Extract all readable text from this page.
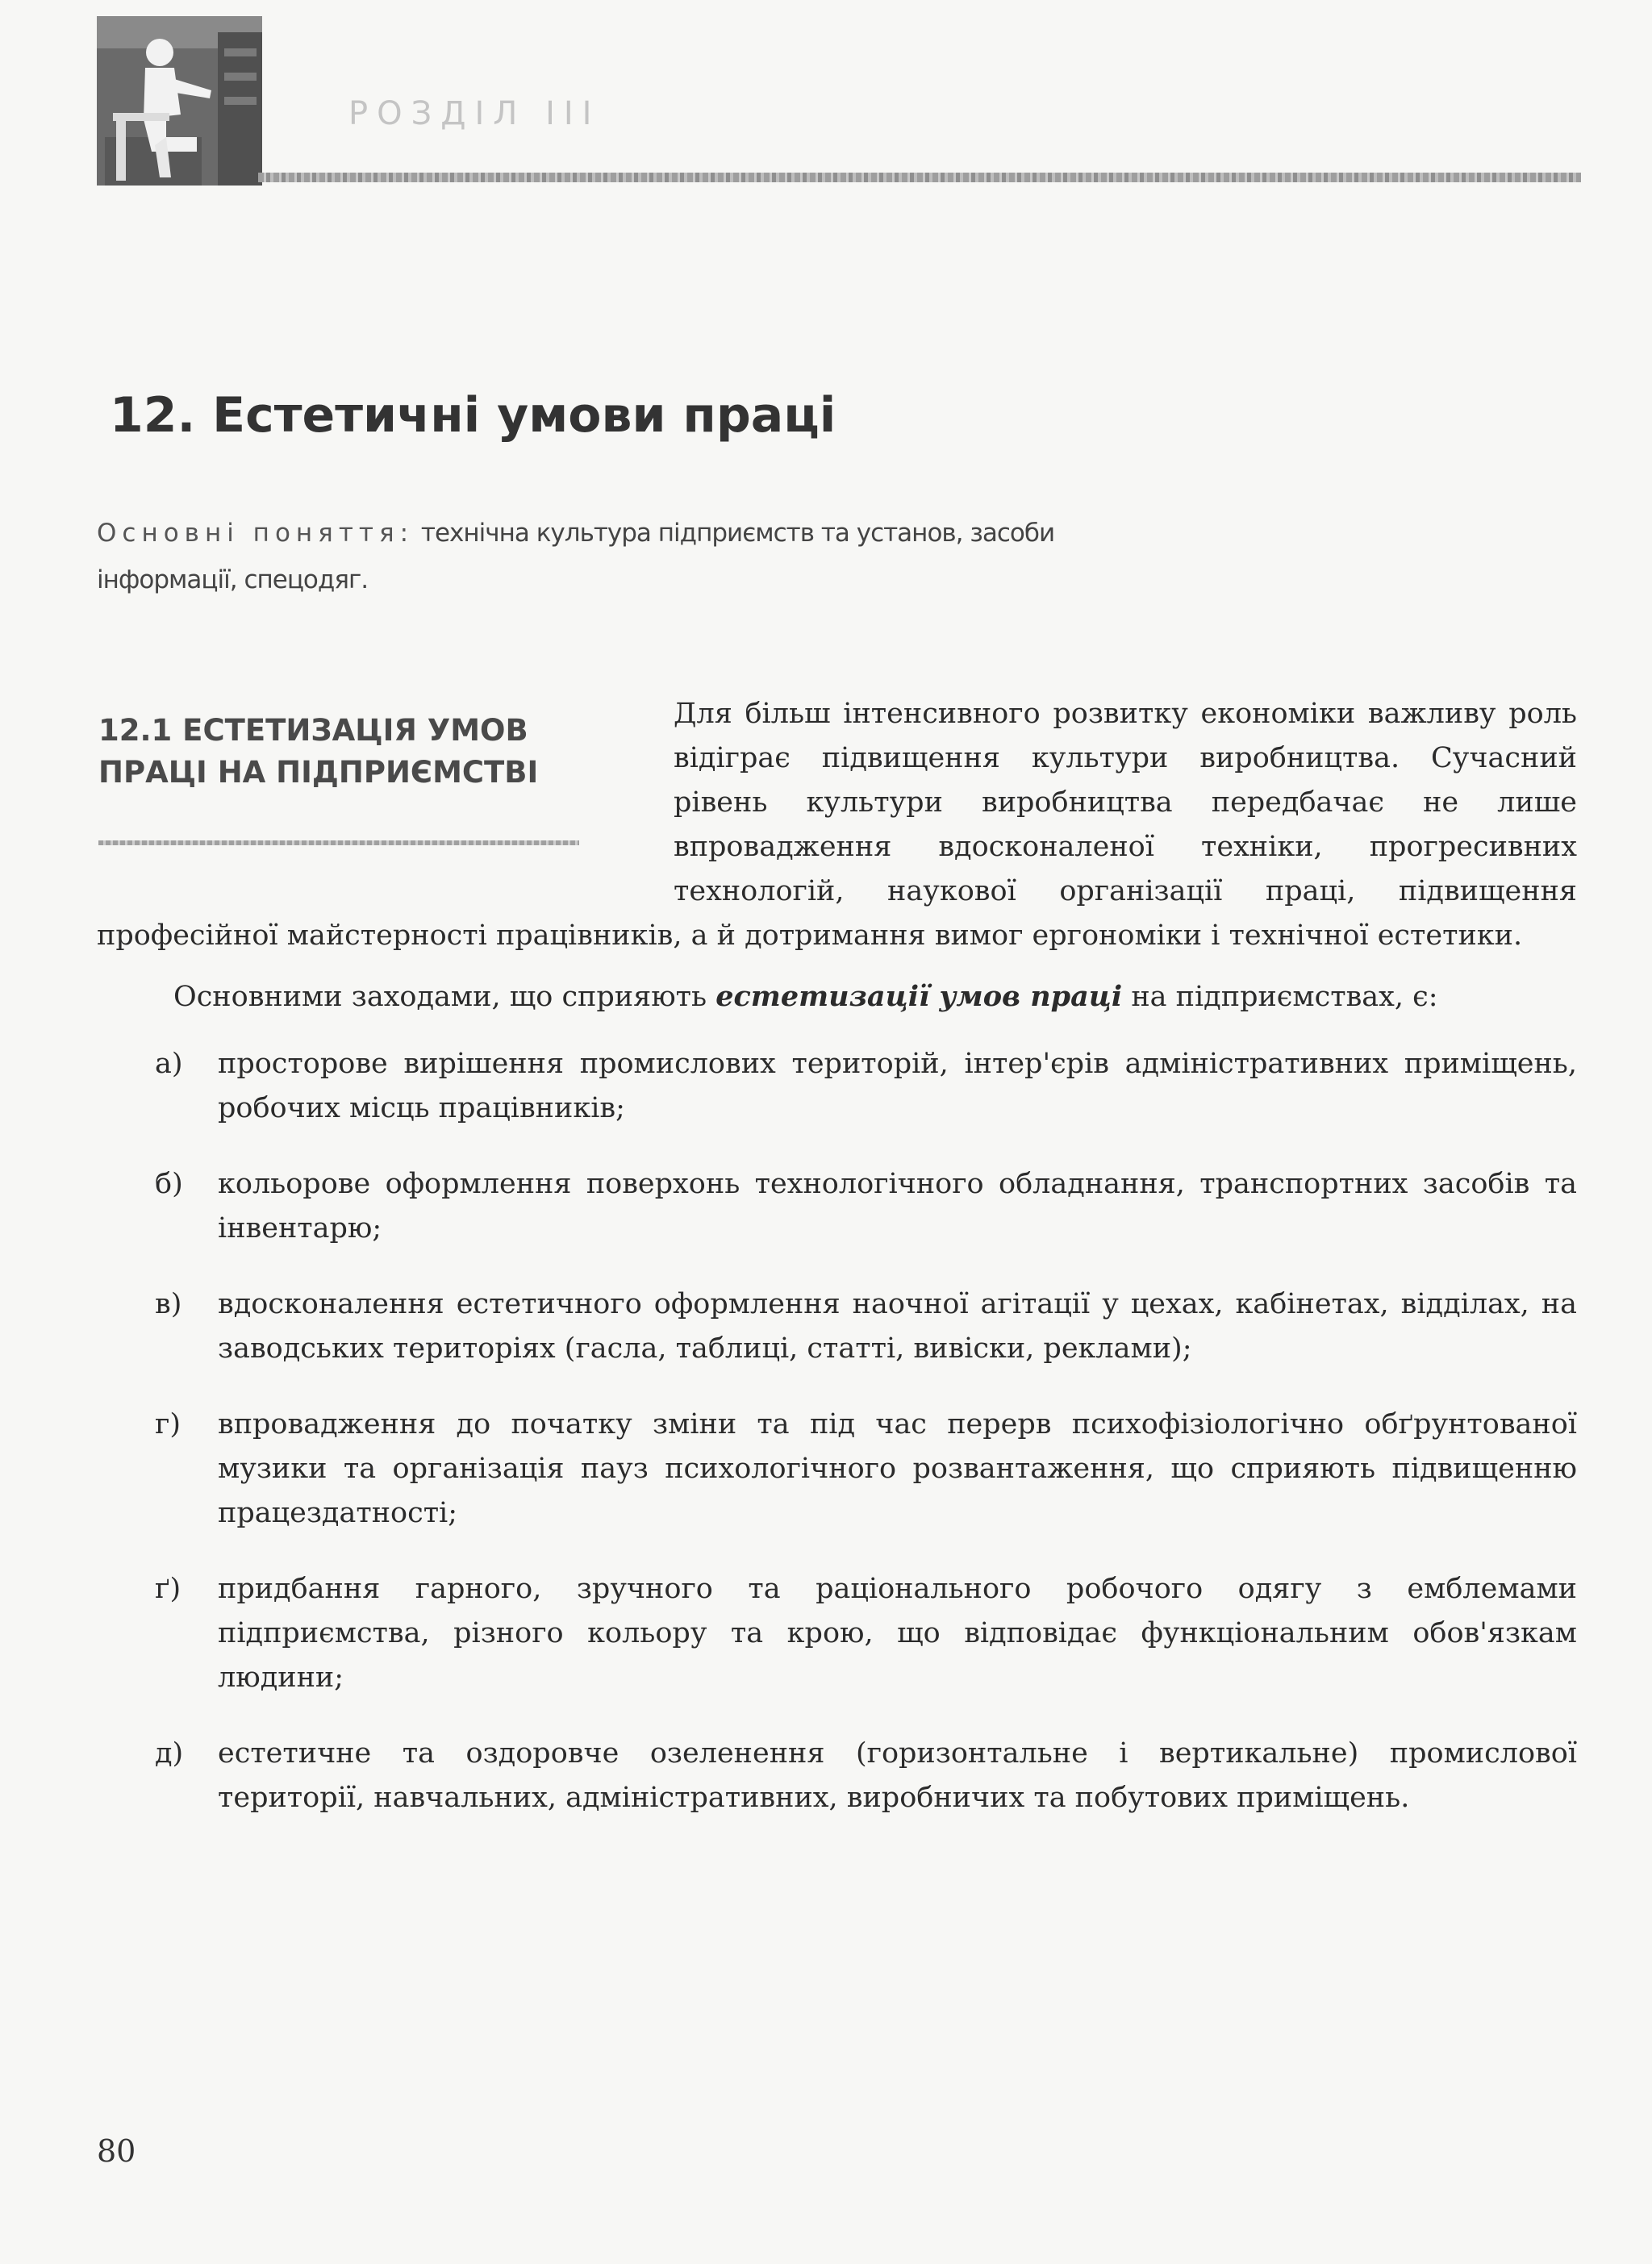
РОЗДІЛ ІІІ
12. Естетичні умови праці
Основні поняття: технічна культура підприємств та установ, засоби інформації, спецодяг.
12.1 ЕСТЕТИЗАЦІЯ УМОВ
ПРАЦІ НА ПІДПРИЄМСТВІ

Для більш інтенсивного розвитку економіки важливу роль відіграє підвищення культури виробництва. Сучасний рівень культури виробництва передбачає не лише впровадження вдосконаленої техніки, прогресивних технологій, наукової організації праці, підвищення професійної майстерності працівників, а й дотримання вимог ергономіки і технічної естетики.

Основними заходами, що сприяють естетизації умов праці на підприємствах, є:

а) просторове вирішення промислових територій, інтер'єрів адміністративних приміщень, робочих місць працівників;
б) кольорове оформлення поверхонь технологічного обладнання, транспортних засобів та інвентарю;
в) вдосконалення естетичного оформлення наочної агітації у цехах, кабінетах, відділах, на заводських територіях (гасла, таблиці, статті, вивіски, реклами);
г) впровадження до початку зміни та під час перерв психофізіологічно обґрунтованої музики та організація пауз психологічного розвантаження, що сприяють підвищенню працездатності;
ґ) придбання гарного, зручного та раціонального робочого одягу з емблемами підприємства, різного кольору та крою, що відповідає функціональним обов'язкам людини;
д) естетичне та оздоровче озеленення (горизонтальне і вертикальне) промислової території, навчальних, адміністративних, виробничих та побутових приміщень.
80
